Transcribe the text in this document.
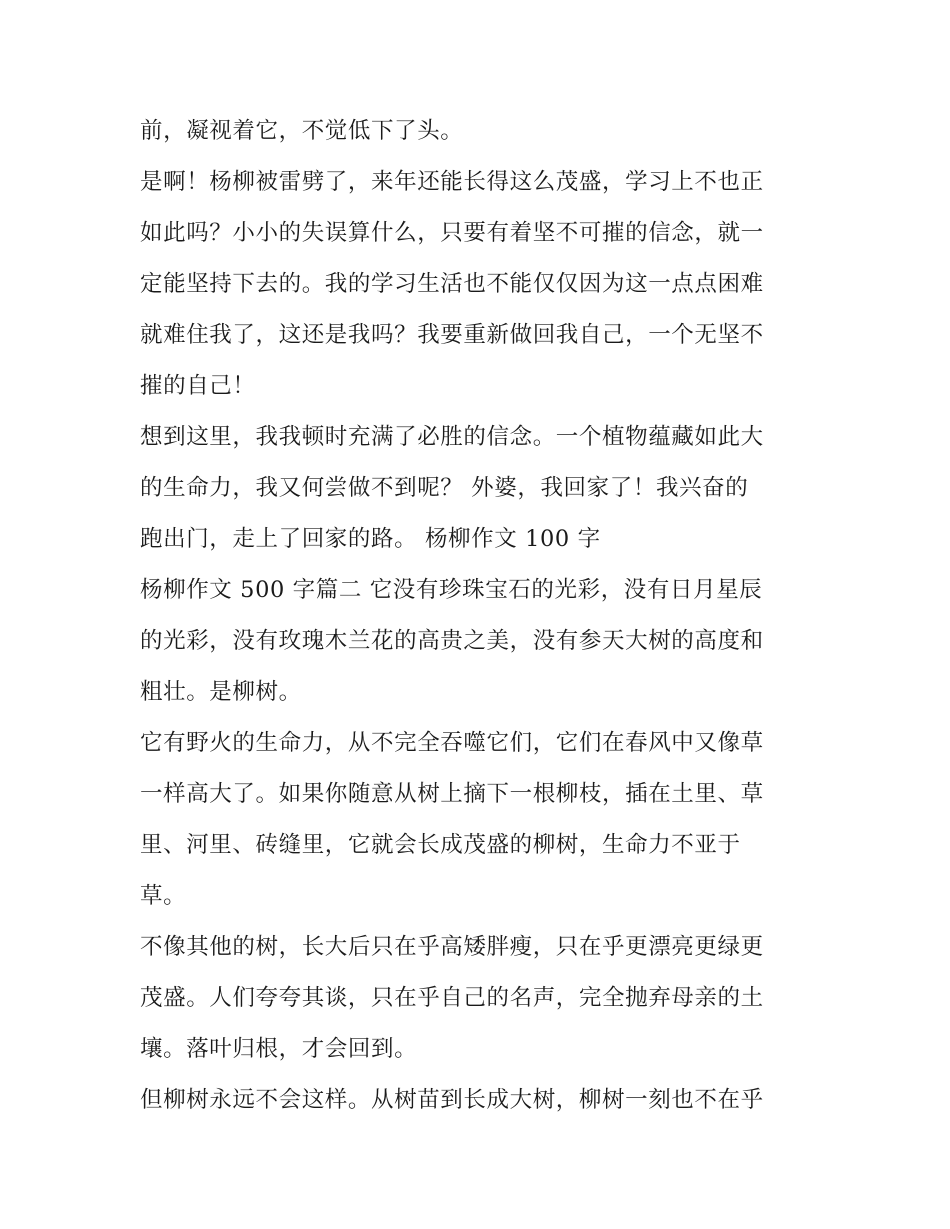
前，凝视着它，不觉低下了头。
是啊！杨柳被雷劈了，来年还能长得这么茂盛，学习上不也正
如此吗？小小的失误算什么，只要有着坚不可摧的信念，就一
定能坚持下去的。我的学习生活也不能仅仅因为这一点点困难
就难住我了，这还是我吗？我要重新做回我自己，一个无坚不
摧的自己！
想到这里，我我顿时充满了必胜的信念。一个植物蕴藏如此大
的生命力，我又何尝做不到呢？ 外婆，我回家了！我兴奋的
跑出门，走上了回家的路。 杨柳作文 100 字
杨柳作文 500 字篇二 它没有珍珠宝石的光彩，没有日月星辰
的光彩，没有玫瑰木兰花的高贵之美，没有参天大树的高度和
粗壮。是柳树。
它有野火的生命力，从不完全吞噬它们，它们在春风中又像草
一样高大了。如果你随意从树上摘下一根柳枝，插在土里、草
里、河里、砖缝里，它就会长成茂盛的柳树，生命力不亚于
草。
不像其他的树，长大后只在乎高矮胖瘦，只在乎更漂亮更绿更
茂盛。人们夸夸其谈，只在乎自己的名声，完全抛弃母亲的土
壤。落叶归根，才会回到。
但柳树永远不会这样。从树苗到长成大树，柳树一刻也不在乎
